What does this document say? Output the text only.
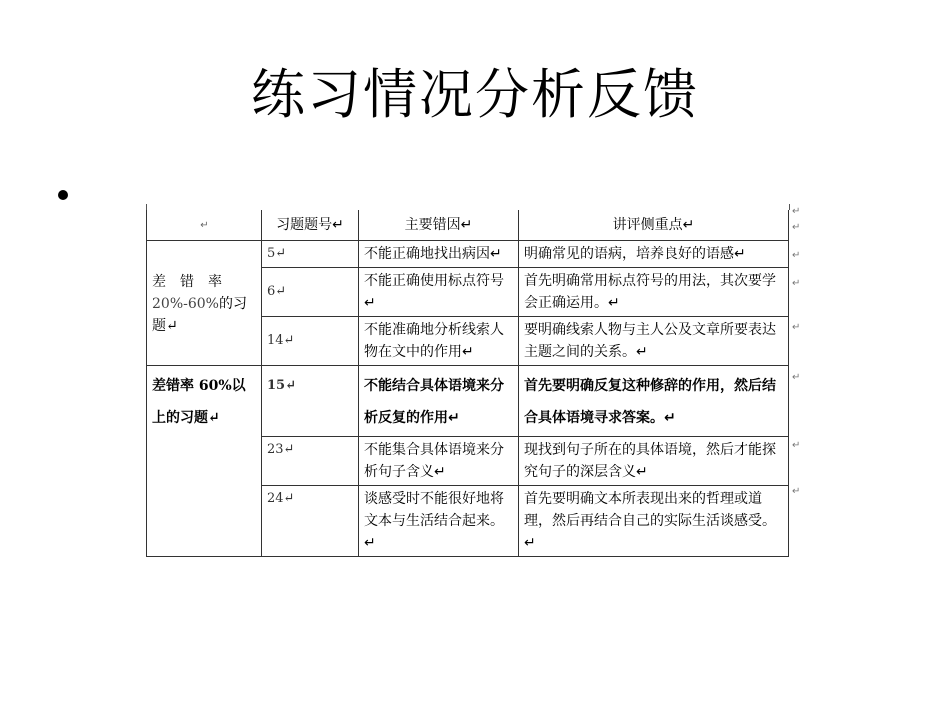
练习情况分析反馈
↵	习题题号↵	主要错因↵	讲评侧重点↵
差　错　率
20%-60%的习题↵	5↵	不能正确地找出病因↵	明确常见的语病，培养良好的语感↵
	6↵	不能正确使用标点符号↵	首先明确常用标点符号的用法，其次要学会正确运用。↵
	14↵	不能准确地分析线索人物在文中的作用↵	要明确线索人物与主人公及文章所要表达主题之间的关系。↵
差错率 60%以上的习题↵	15↵	不能结合具体语境来分析反复的作用↵	首先要明确反复这种修辞的作用，然后结合具体语境寻求答案。↵
	23↵	不能集合具体语境来分析句子含义↵	现找到句子所在的具体语境，然后才能探究句子的深层含义↵
	24↵	谈感受时不能很好地将文本与生活结合起来。↵	首先要明确文本所表现出来的哲理或道理，然后再结合自己的实际生活谈感受。↵
↵
↵
↵
↵
↵
↵
↵
↵
